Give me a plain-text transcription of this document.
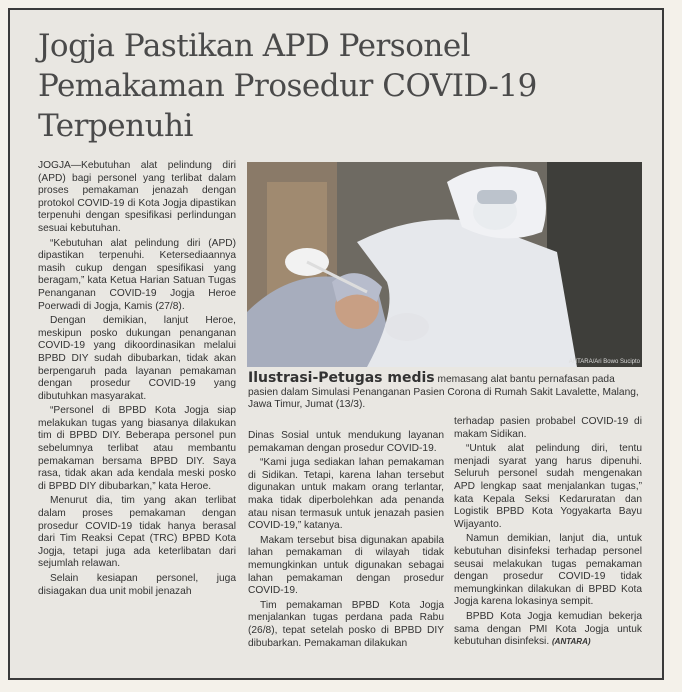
Jogja Pastikan APD Personel Pemakaman Prosedur COVID-19 Terpenuhi

JOGJA—Kebutuhan alat pelindung diri (APD) bagi personel yang terlibat dalam proses pemakaman jenazah dengan protokol COVID-19 di Kota Jogja dipastikan terpenuhi dengan spesifikasi perlindungan sesuai kebutuhan.

“Kebutuhan alat pelindung diri (APD) dipastikan terpenuhi. Ketersediaannya masih cukup dengan spesifikasi yang beragam,” kata Ketua Harian Satuan Tugas Penanganan COVID-19 Jogja Heroe Poerwadi di Jogja, Kamis (27/8).

Dengan demikian, lanjut Heroe, meskipun posko dukungan penanganan COVID-19 yang dikoordinasikan melalui BPBD DIY sudah dibubarkan, tidak akan berpengaruh pada layanan pemakaman dengan prosedur COVID-19 yang dibutuhkan masyarakat.

“Personel di BPBD Kota Jogja siap melakukan tugas yang biasanya dilakukan tim di BPBD DIY. Beberapa personel pun sebelumnya terlibat atau membantu pemakaman bersama BPBD DIY. Saya rasa, tidak akan ada kendala meski posko di BPBD DIY dibubarkan,” kata Heroe.

Menurut dia, tim yang akan terlibat dalam proses pemakaman dengan prosedur COVID-19 tidak hanya berasal dari Tim Reaksi Cepat (TRC) BPBD Kota Jogja, tetapi juga ada keterlibatan dari sejumlah relawan.

Selain kesiapan personel, juga disiagakan dua unit mobil jenazah

ANTARA/Ari Bowo Sucipto
Ilustrasi-Petugas medis memasang alat bantu pernafasan pada pasien dalam Simulasi Penanganan Pasien Corona di Rumah Sakit Lavalette, Malang, Jawa Timur, Jumat (13/3).

Dinas Sosial untuk mendukung layanan pemakaman dengan prosedur COVID-19.

“Kami juga sediakan lahan pemakaman di Sidikan. Tetapi, karena lahan tersebut digunakan untuk makam orang terlantar, maka tidak diperbolehkan ada penanda atau nisan termasuk untuk jenazah pasien COVID-19,” katanya.

Makam tersebut bisa digunakan apabila lahan pemakaman di wilayah tidak memungkinkan untuk digunakan sebagai lahan pemakaman dengan prosedur COVID-19.

Tim pemakaman BPBD Kota Jogja menjalankan tugas perdana pada Rabu (26/8), tepat setelah posko di BPBD DIY dibubarkan. Pemakaman dilakukan

terhadap pasien probabel COVID-19 di makam Sidikan.

“Untuk alat pelindung diri, tentu menjadi syarat yang harus dipenuhi. Seluruh personel sudah mengenakan APD lengkap saat menjalankan tugas,” kata Kepala Seksi Kedaruratan dan Logistik BPBD Kota Yogyakarta Bayu Wijayanto.

Namun demikian, lanjut dia, untuk kebutuhan disinfeksi terhadap personel seusai melakukan tugas pemakaman dengan prosedur COVID-19 tidak memungkinkan dilakukan di BPBD Kota Jogja karena lokasinya sempit.

BPBD Kota Jogja kemudian bekerja sama dengan PMI Kota Jogja untuk kebutuhan disinfeksi. (ANTARA)
